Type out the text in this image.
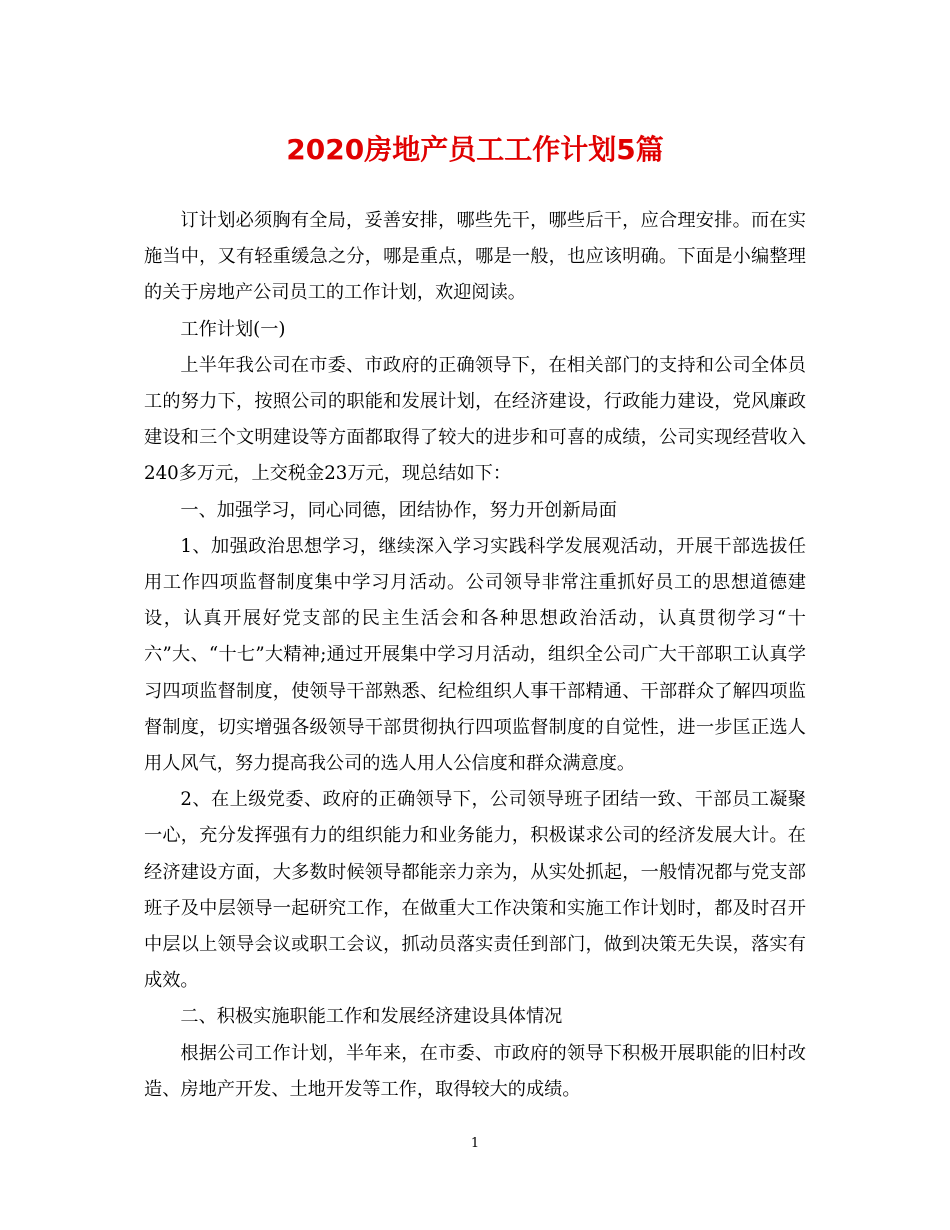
2020房地产员工工作计划5篇

订计划必须胸有全局，妥善安排，哪些先干，哪些后干，应合理安排。而在实施当中，又有轻重缓急之分，哪是重点，哪是一般，也应该明确。下面是小编整理的关于房地产公司员工的工作计划，欢迎阅读。

工作计划(一)

上半年我公司在市委、市政府的正确领导下，在相关部门的支持和公司全体员工的努力下，按照公司的职能和发展计划，在经济建设，行政能力建设，党风廉政建设和三个文明建设等方面都取得了较大的进步和可喜的成绩，公司实现经营收入240多万元，上交税金23万元，现总结如下：

一、加强学习，同心同德，团结协作，努力开创新局面

1、加强政治思想学习，继续深入学习实践科学发展观活动，开展干部选拔任用工作四项监督制度集中学习月活动。公司领导非常注重抓好员工的思想道德建设，认真开展好党支部的民主生活会和各种思想政治活动，认真贯彻学习“十六”大、“十七”大精神;通过开展集中学习月活动，组织全公司广大干部职工认真学习四项监督制度，使领导干部熟悉、纪检组织人事干部精通、干部群众了解四项监督制度，切实增强各级领导干部贯彻执行四项监督制度的自觉性，进一步匡正选人用人风气，努力提高我公司的选人用人公信度和群众满意度。

2、在上级党委、政府的正确领导下，公司领导班子团结一致、干部员工凝聚一心，充分发挥强有力的组织能力和业务能力，积极谋求公司的经济发展大计。在经济建设方面，大多数时候领导都能亲力亲为，从实处抓起，一般情况都与党支部班子及中层领导一起研究工作，在做重大工作决策和实施工作计划时，都及时召开中层以上领导会议或职工会议，抓动员落实责任到部门，做到决策无失误，落实有成效。

二、积极实施职能工作和发展经济建设具体情况

根据公司工作计划，半年来，在市委、市政府的领导下积极开展职能的旧村改造、房地产开发、土地开发等工作，取得较大的成绩。

1
